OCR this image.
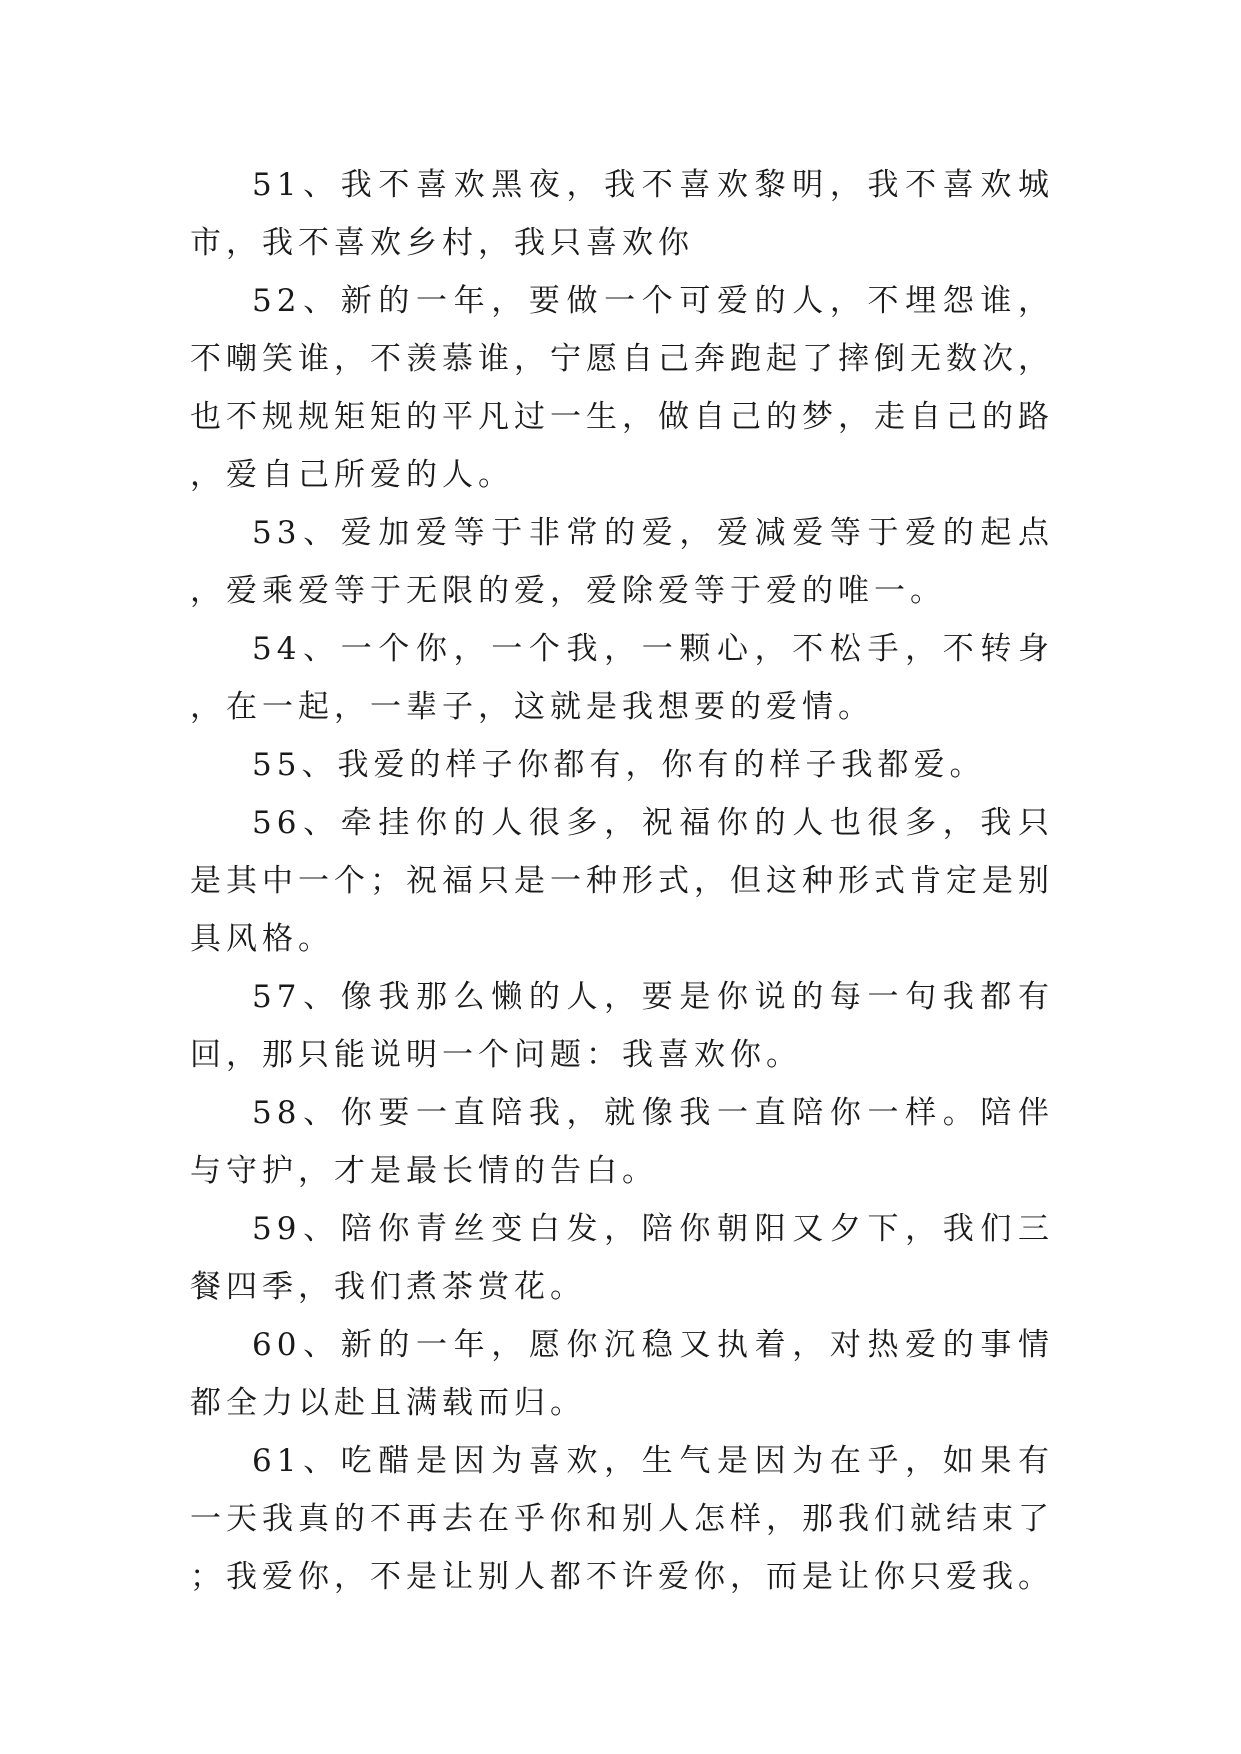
51、我不喜欢黑夜，我不喜欢黎明，我不喜欢城市，我不喜欢乡村，我只喜欢你

52、新的一年，要做一个可爱的人，不埋怨谁，不嘲笑谁，不羡慕谁，宁愿自己奔跑起了摔倒无数次，也不规规矩矩的平凡过一生，做自己的梦，走自己的路，爱自己所爱的人。

53、爱加爱等于非常的爱，爱减爱等于爱的起点，爱乘爱等于无限的爱，爱除爱等于爱的唯一。

54、一个你，一个我，一颗心，不松手，不转身，在一起，一辈子，这就是我想要的爱情。

55、我爱的样子你都有，你有的样子我都爱。

56、牵挂你的人很多，祝福你的人也很多，我只是其中一个；祝福只是一种形式，但这种形式肯定是别具风格。

57、像我那么懒的人，要是你说的每一句我都有回，那只能说明一个问题：我喜欢你。

58、你要一直陪我，就像我一直陪你一样。陪伴与守护，才是最长情的告白。

59、陪你青丝变白发，陪你朝阳又夕下，我们三餐四季，我们煮茶赏花。

60、新的一年，愿你沉稳又执着，对热爱的事情都全力以赴且满载而归。

61、吃醋是因为喜欢，生气是因为在乎，如果有一天我真的不再去在乎你和别人怎样，那我们就结束了；我爱你，不是让别人都不许爱你，而是让你只爱我。
